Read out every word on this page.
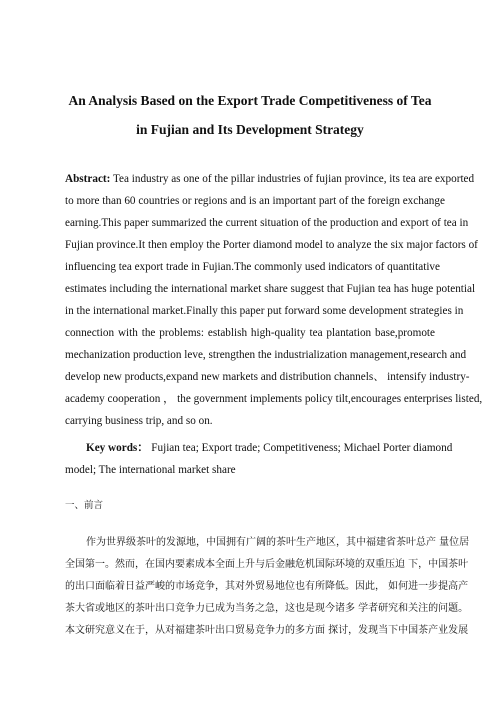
An Analysis Based on the Export Trade Competitiveness of Tea
in Fujian and Its Development Strategy
Abstract: Tea industry as one of the pillar industries of fujian province, its tea are exported
to more than 60 countries or regions and is an important part of the foreign exchange
earning.This paper summarized the current situation of the production and export of tea in
Fujian province.It then employ the Porter diamond model to analyze the six major factors of
influencing tea export trade in Fujian.The commonly used indicators of quantitative
estimates including the international market share suggest that Fujian tea has huge potential
in the international market.Finally this paper put forward some development strategies in
connection with the problems: establish high-quality tea plantation base,promote
mechanization production leve, strengthen the industrialization management,research and
develop new products,expand new markets and distribution channels、 intensify industry-
academy cooperation ， the government implements policy tilt,encourages enterprises listed,
carrying business trip, and so on.
Key words： Fujian tea; Export trade; Competitiveness; Michael Porter diamond
model; The international market share
一、前言
作为世界级茶叶的发源地，中国拥有广阔的茶叶生产地区，其中福建省茶叶总产 量位居
全国第一。然而，在国内要素成本全面上升与后金融危机国际环境的双重压迫 下，中国茶叶
的出口面临着日益严峻的市场竞争，其对外贸易地位也有所降低。因此， 如何进一步提高产
茶大省或地区的茶叶出口竞争力已成为当务之急，这也是现今诸多 学者研究和关注的问题。
本文研究意义在于，从对福建茶叶出口贸易竞争力的多方面 探讨，发现当下中国茶产业发展
